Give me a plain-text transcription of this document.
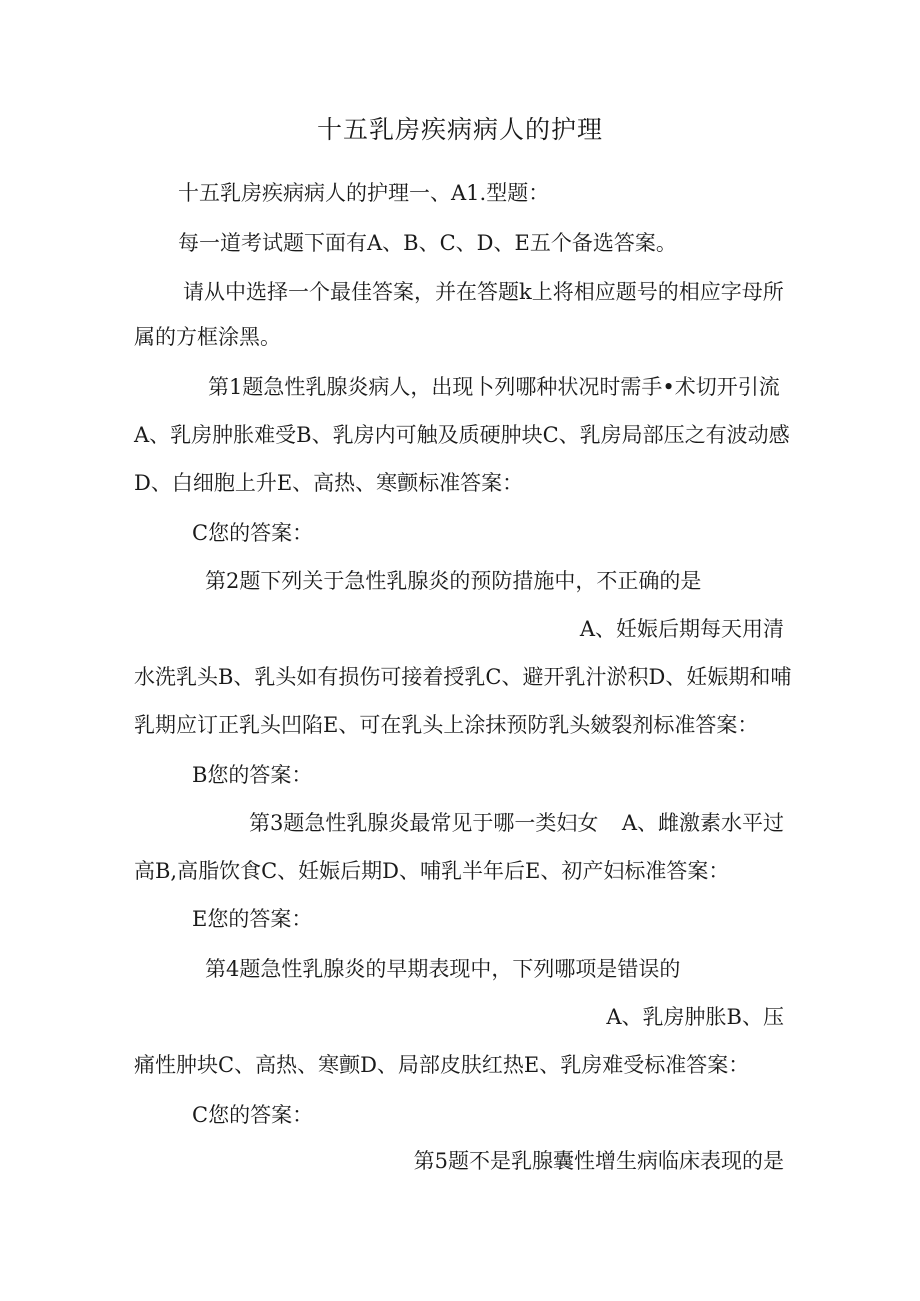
十五乳房疾病病人的护理
十五乳房疾病病人的护理一、A1.型题：
每一道考试题下面有A、B、C、D、E五个备选答案。
请从中选择一个最佳答案，并在答题k上将相应题号的相应字母所
属的方框涂黑。
第1题急性乳腺炎病人，出现卜列哪种状况时需手•术切开引流
A、乳房肿胀难受B、乳房内可触及质硬肿块C、乳房局部压之有波动感
D、白细胞上升E、高热、寒颤标准答案：
C您的答案：
第2题下列关于急性乳腺炎的预防措施中，不正确的是
A、妊娠后期每天用清
水洗乳头B、乳头如有损伤可接着授乳C、避开乳汁淤积D、妊娠期和哺
乳期应订正乳头凹陷E、可在乳头上涂抹预防乳头皴裂剂标准答案：
B您的答案：
第3题急性乳腺炎最常见于哪一类妇女 A、雌激素水平过
高B,高脂饮食C、妊娠后期D、哺乳半年后E、初产妇标准答案：
E您的答案：
第4题急性乳腺炎的早期表现中，下列哪项是错误的
A、乳房肿胀B、压
痛性肿块C、高热、寒颤D、局部皮肤红热E、乳房难受标准答案：
C您的答案：
第5题不是乳腺囊性增生病临床表现的是
